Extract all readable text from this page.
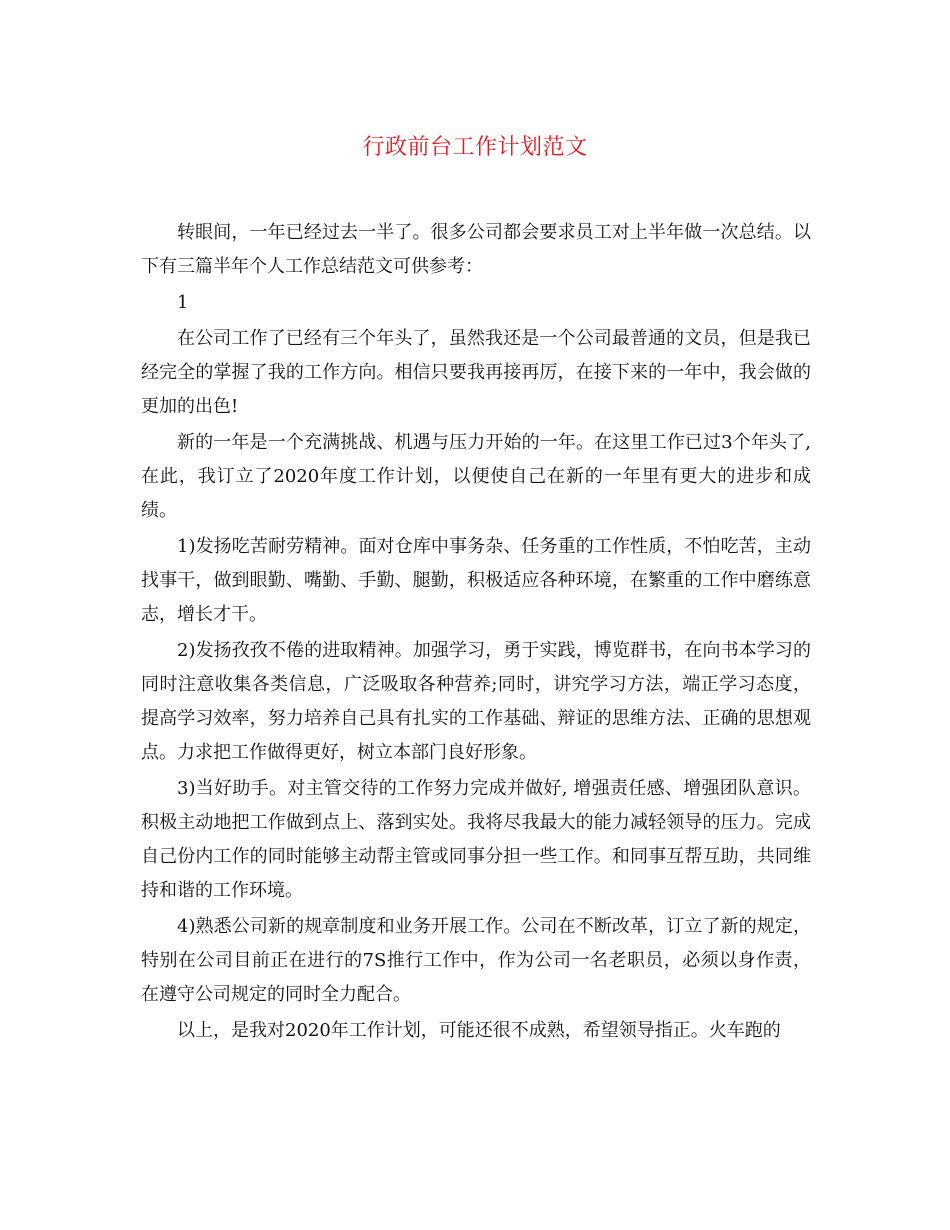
行政前台工作计划范文

转眼间，一年已经过去一半了。很多公司都会要求员工对上半年做一次总结。以下有三篇半年个人工作总结范文可供参考：

1

在公司工作了已经有三个年头了，虽然我还是一个公司最普通的文员，但是我已经完全的掌握了我的工作方向。相信只要我再接再厉，在接下来的一年中，我会做的更加的出色!

新的一年是一个充满挑战、机遇与压力开始的一年。在这里工作已过3个年头了,在此，我订立了2020年度工作计划，以便使自己在新的一年里有更大的进步和成绩。

1)发扬吃苦耐劳精神。面对仓库中事务杂、任务重的工作性质，不怕吃苦，主动找事干，做到眼勤、嘴勤、手勤、腿勤，积极适应各种环境，在繁重的工作中磨练意志，增长才干。

2)发扬孜孜不倦的进取精神。加强学习，勇于实践，博览群书，在向书本学习的同时注意收集各类信息，广泛吸取各种营养;同时，讲究学习方法，端正学习态度，提高学习效率，努力培养自己具有扎实的工作基础、辩证的思维方法、正确的思想观点。力求把工作做得更好，树立本部门良好形象。

3)当好助手。对主管交待的工作努力完成并做好, 增强责任感、增强团队意识。积极主动地把工作做到点上、落到实处。我将尽我最大的能力减轻领导的压力。完成自己份内工作的同时能够主动帮主管或同事分担一些工作。和同事互帮互助，共同维持和谐的工作环境。

4)熟悉公司新的规章制度和业务开展工作。公司在不断改革，订立了新的规定，特别在公司目前正在进行的7S推行工作中，作为公司一名老职员，必须以身作责，在遵守公司规定的同时全力配合。

以上，是我对2020年工作计划，可能还很不成熟，希望领导指正。火车跑的
